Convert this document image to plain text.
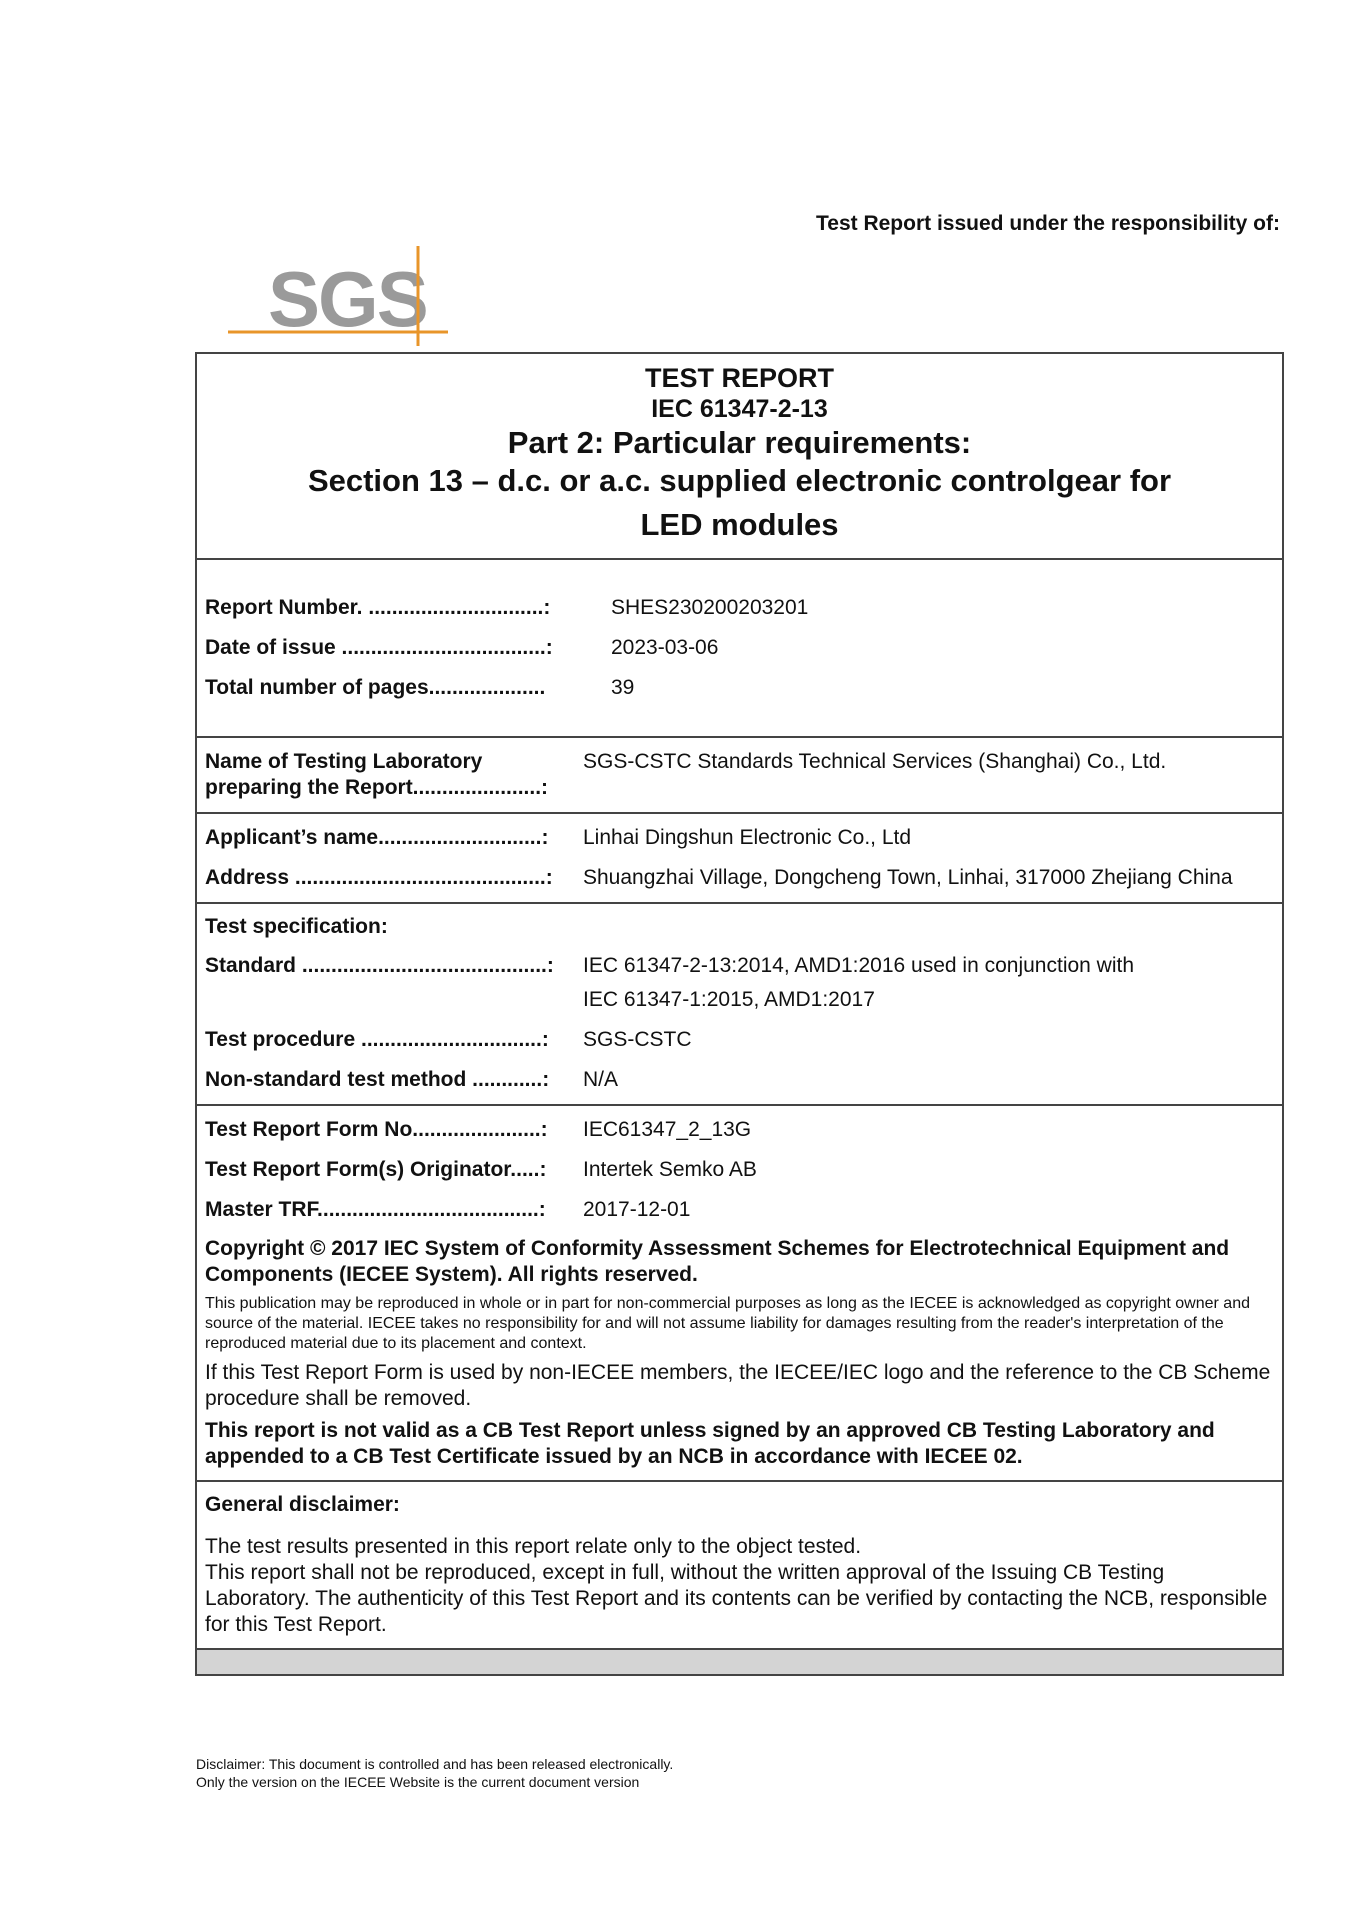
Test Report issued under the responsibility of:
SGS
TEST REPORT
IEC 61347-2-13
Part 2: Particular requirements:
Section 13 – d.c. or a.c. supplied electronic controlgear for
LED modules
Report Number. ..............................:	SHES230200203201
Date of issue ...................................:	2023-03-06
Total number of pages....................	39
Name of Testing Laboratory
preparing the Report......................:
SGS-CSTC Standards Technical Services (Shanghai) Co., Ltd.
Applicant’s name............................:	Linhai Dingshun Electronic Co., Ltd
Address ...........................................:	Shuangzhai Village, Dongcheng Town, Linhai, 317000 Zhejiang China
Test specification:
Standard ..........................................:	IEC 61347-2-13:2014, AMD1:2016 used in conjunction with
IEC 61347-1:2015, AMD1:2017
Test procedure ...............................:	SGS-CSTC
Non-standard test method ............:	N/A
Test Report Form No......................:	IEC61347_2_13G
Test Report Form(s) Originator.....:	Intertek Semko AB
Master TRF......................................:	2017-12-01
Copyright © 2017 IEC System of Conformity Assessment Schemes for Electrotechnical Equipment and Components (IECEE System). All rights reserved.
This publication may be reproduced in whole or in part for non-commercial purposes as long as the IECEE is acknowledged as copyright owner and source of the material. IECEE takes no responsibility for and will not assume liability for damages resulting from the reader's interpretation of the reproduced material due to its placement and context.
If this Test Report Form is used by non-IECEE members, the IECEE/IEC logo and the reference to the CB Scheme procedure shall be removed.
This report is not valid as a CB Test Report unless signed by an approved CB Testing Laboratory and appended to a CB Test Certificate issued by an NCB in accordance with IECEE 02.
General disclaimer:
The test results presented in this report relate only to the object tested.
This report shall not be reproduced, except in full, without the written approval of the Issuing CB Testing Laboratory. The authenticity of this Test Report and its contents can be verified by contacting the NCB, responsible for this Test Report.
Disclaimer: This document is controlled and has been released electronically.
Only the version on the IECEE Website is the current document version
